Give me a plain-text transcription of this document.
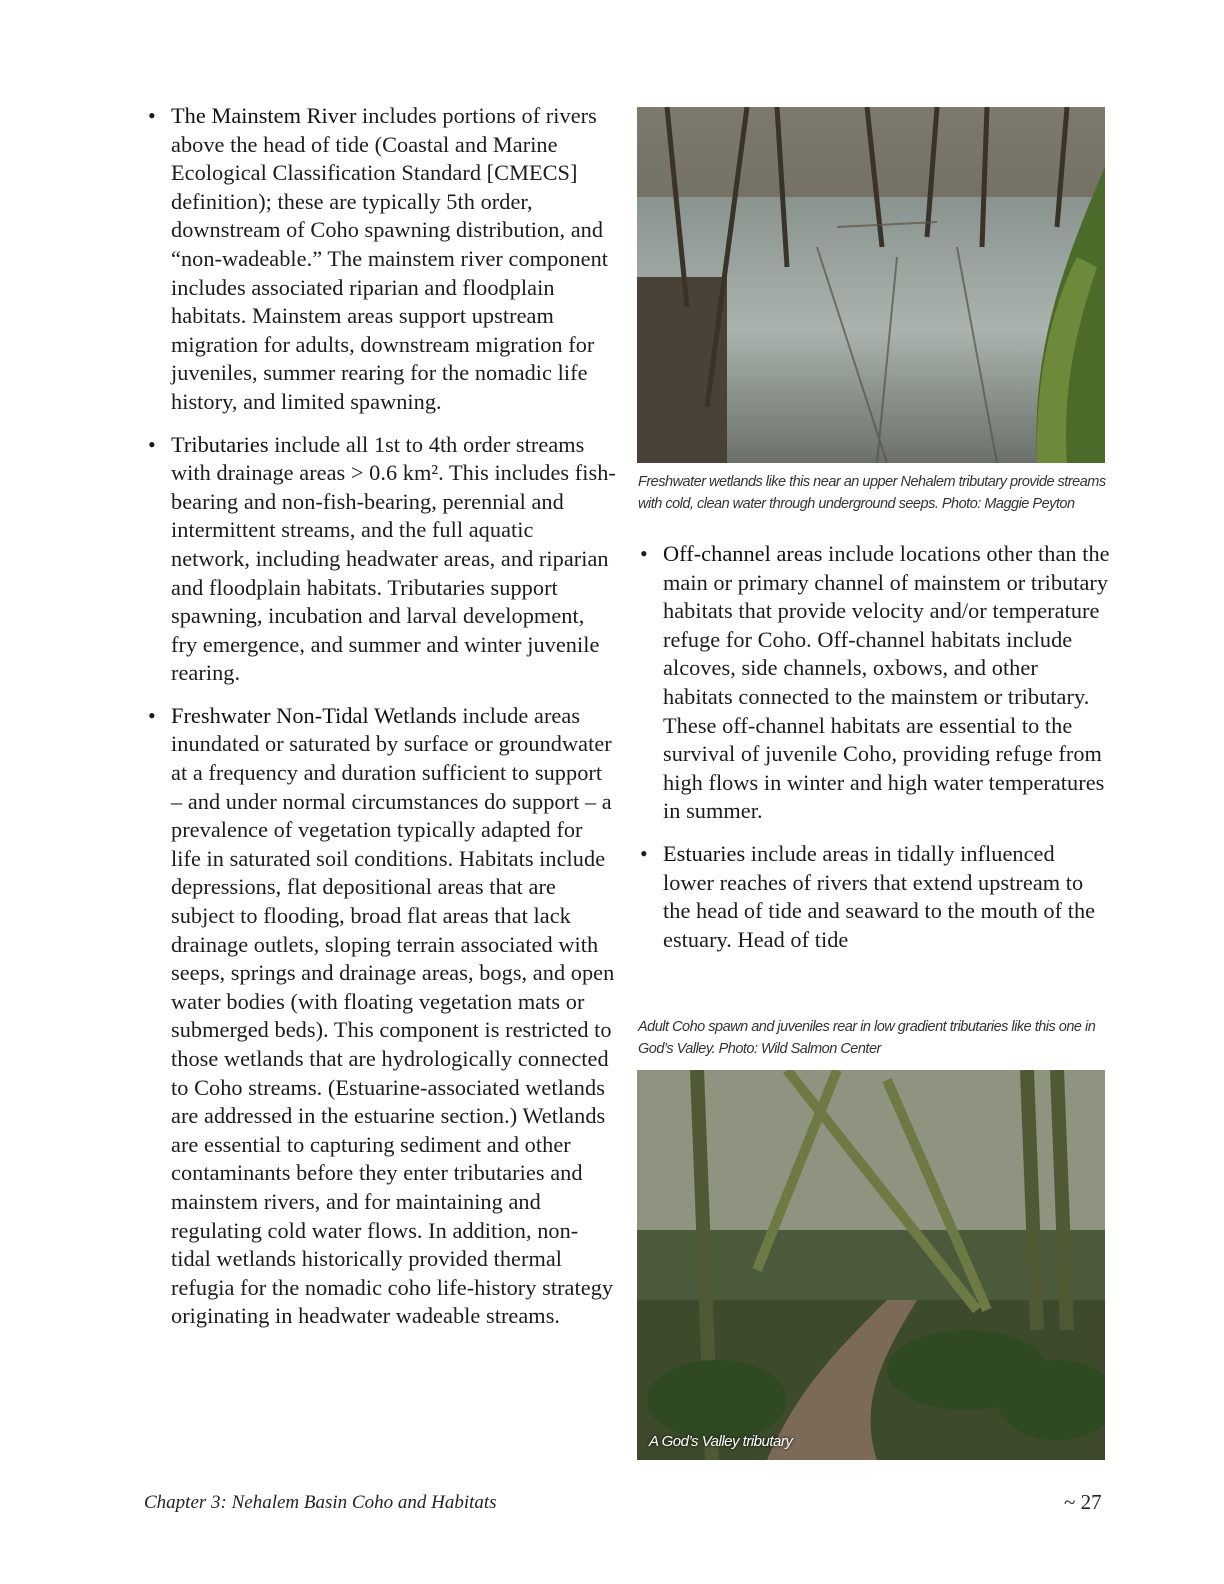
• The Mainstem River includes portions of rivers above the head of tide (Coastal and Marine Ecological Classification Standard [CMECS] definition); these are typically 5th order, downstream of Coho spawning distribution, and “non-wadeable.” The mainstem river component includes associated riparian and floodplain habitats. Mainstem areas support upstream migration for adults, downstream migration for juveniles, summer rearing for the nomadic life history, and limited spawning.
• Tributaries include all 1st to 4th order streams with drainage areas > 0.6 km². This includes fish-bearing and non-fish-bearing, perennial and intermittent streams, and the full aquatic network, including headwater areas, and riparian and floodplain habitats. Tributaries support spawning, incubation and larval development, fry emergence, and summer and winter juvenile rearing.
• Freshwater Non-Tidal Wetlands include areas inundated or saturated by surface or groundwater at a frequency and duration sufficient to support – and under normal circumstances do support – a prevalence of vegetation typically adapted for life in saturated soil conditions. Habitats include depressions, flat depositional areas that are subject to flooding, broad flat areas that lack drainage outlets, sloping terrain associated with seeps, springs and drainage areas, bogs, and open water bodies (with floating vegetation mats or submerged beds). This component is restricted to those wetlands that are hydrologically connected to Coho streams. (Estuarine-associated wetlands are addressed in the estuarine section.) Wetlands are essential to capturing sediment and other contaminants before they enter tributaries and mainstem rivers, and for maintaining and regulating cold water flows. In addition, non-tidal wetlands historically provided thermal refugia for the nomadic coho life-history strategy originating in headwater wadeable streams.
Freshwater wetlands like this near an upper Nehalem tributary provide streams with cold, clean water through underground seeps. Photo: Maggie Peyton
• Off-channel areas include locations other than the main or primary channel of mainstem or tributary habitats that provide velocity and/or temperature refuge for Coho. Off-channel habitats include alcoves, side channels, oxbows, and other habitats connected to the mainstem or tributary. These off-channel habitats are essential to the survival of juvenile Coho, providing refuge from high flows in winter and high water temperatures in summer.
• Estuaries include areas in tidally influenced lower reaches of rivers that extend upstream to the head of tide and seaward to the mouth of the estuary. Head of tide
Adult Coho spawn and juveniles rear in low gradient tributaries like this one in God’s Valley. Photo: Wild Salmon Center
A God’s Valley tributary
Chapter 3: Nehalem Basin Coho and Habitats	~ 27
